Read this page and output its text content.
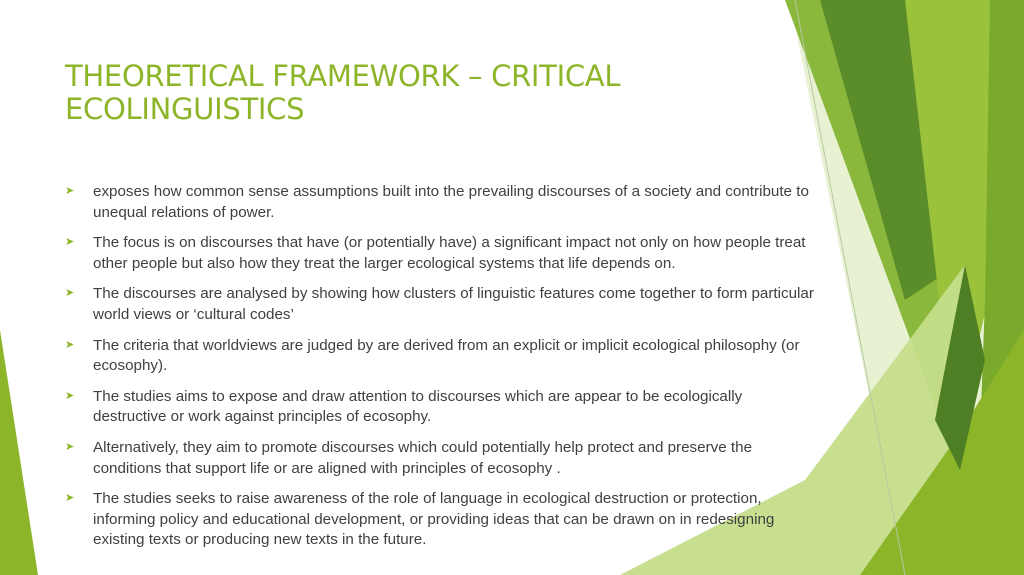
THEORETICAL FRAMEWORK – CRITICAL
ECOLINGUISTICS
➤ exposes how common sense assumptions built into the prevailing discourses of a society and contribute to
unequal relations of power.
➤ The focus is on discourses that have (or potentially have) a significant impact not only on how people treat
other people but also how they treat the larger ecological systems that life depends on.
➤ The discourses are analysed by showing how clusters of linguistic features come together to form particular
world views or ‘cultural codes’
➤ The criteria that worldviews are judged by are derived from an explicit or implicit ecological philosophy (or
ecosophy).
➤ The studies aims to expose and draw attention to discourses which are appear to be ecologically
destructive or work against principles of ecosophy.
➤ Alternatively, they aim to promote discourses which could potentially help protect and preserve the
conditions that support life or are aligned with principles of ecosophy .
➤ The studies seeks to raise awareness of the role of language in ecological destruction or protection,
informing policy and educational development, or providing ideas that can be drawn on in redesigning
existing texts or producing new texts in the future.
